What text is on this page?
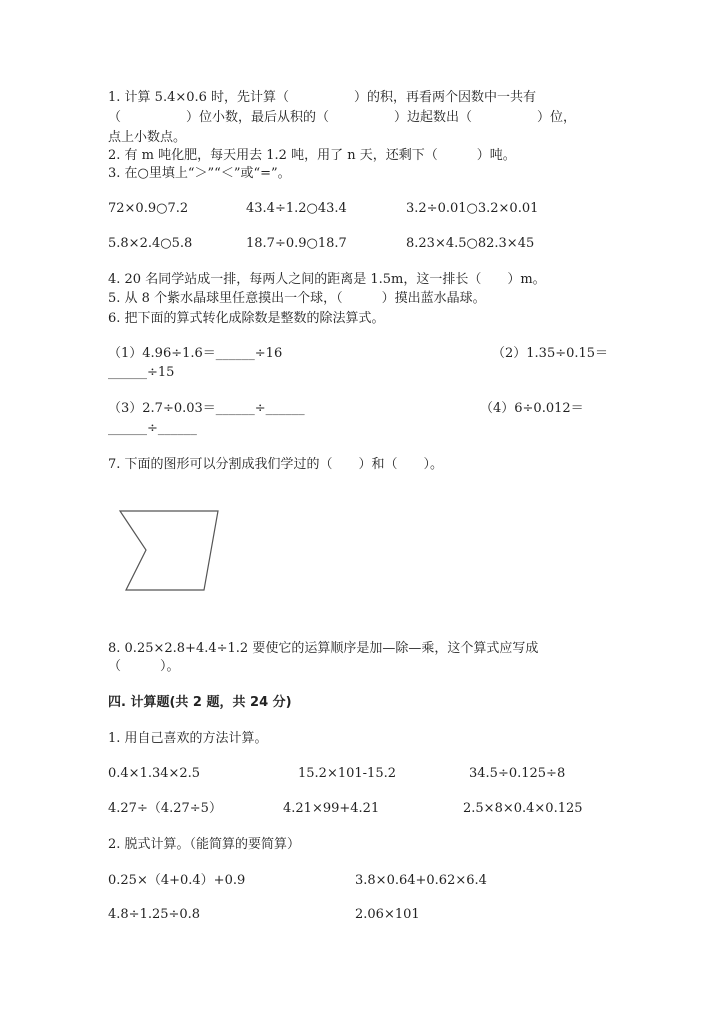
1. 计算 5.4×0.6 时，先计算（　　　　　）的积，再看两个因数中一共有
（　　　　　）位小数，最后从积的（　　　　　）边起数出（　　　　　）位，
点上小数点。
2. 有 m 吨化肥，每天用去 1.2 吨，用了 n 天，还剩下（　　　）吨。
3. 在○里填上“＞”“＜”或“=”。
72×0.9○7.2	43.4÷1.2○43.4	3.2÷0.01○3.2×0.01
5.8×2.4○5.8	18.7÷0.9○18.7	8.23×4.5○82.3×45
4. 20 名同学站成一排，每两人之间的距离是 1.5m，这一排长（　　）m。
5. 从 8 个紫水晶球里任意摸出一个球，（　　　）摸出蓝水晶球。
6. 把下面的算式转化成除数是整数的除法算式。
（1）4.96÷1.6＝______÷16	（2）1.35÷0.15＝
______÷15
（3）2.7÷0.03＝______÷______	（4）6÷0.012＝
______÷______
7. 下面的图形可以分割成我们学过的（　　）和（　　）。
8. 0.25×2.8+4.4÷1.2 要使它的运算顺序是加—除—乘，这个算式应写成
（　　　）。
四. 计算题(共 2 题，共 24 分)
1. 用自己喜欢的方法计算。
0.4×1.34×2.5	15.2×101-15.2	34.5÷0.125÷8
4.27÷（4.27÷5）	4.21×99+4.21	2.5×8×0.4×0.125
2. 脱式计算。（能简算的要简算）
0.25×（4+0.4）+0.9	3.8×0.64+0.62×6.4
4.8÷1.25÷0.8	2.06×101
